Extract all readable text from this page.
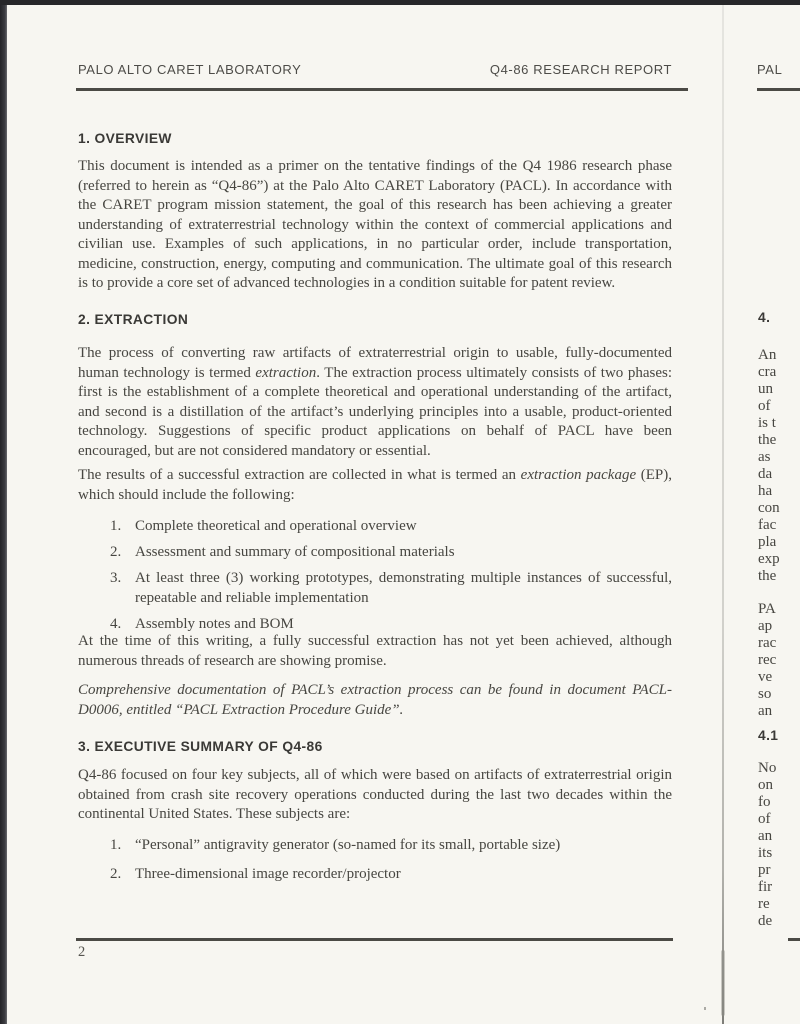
PALO ALTO CARET LABORATORY	Q4-86 RESEARCH REPORT
1. OVERVIEW
This document is intended as a primer on the tentative findings of the Q4 1986 research phase (referred to herein as “Q4-86”) at the Palo Alto CARET Laboratory (PACL). In accordance with the CARET program mission statement, the goal of this research has been achieving a greater understanding of extraterrestrial technology within the context of commercial applications and civilian use. Examples of such applications, in no particular order, include transportation, medicine, construction, energy, computing and communication. The ultimate goal of this research is to provide a core set of advanced technologies in a condition suitable for patent review.
2. EXTRACTION
The process of converting raw artifacts of extraterrestrial origin to usable, fully-documented human technology is termed extraction. The extraction process ultimately consists of two phases: first is the establishment of a complete theoretical and operational understanding of the artifact, and second is a distillation of the artifact’s underlying principles into a usable, product-oriented technology. Suggestions of specific product applications on behalf of PACL have been encouraged, but are not considered mandatory or essential.
The results of a successful extraction are collected in what is termed an extraction package (EP), which should include the following:
1. Complete theoretical and operational overview
2. Assessment and summary of compositional materials
3. At least three (3) working prototypes, demonstrating multiple instances of successful, repeatable and reliable implementation
4. Assembly notes and BOM
At the time of this writing, a fully successful extraction has not yet been achieved, although numerous threads of research are showing promise.
Comprehensive documentation of PACL’s extraction process can be found in document PACL-D0006, entitled “PACL Extraction Procedure Guide”.
3. EXECUTIVE SUMMARY OF Q4-86
Q4-86 focused on four key subjects, all of which were based on artifacts of extraterrestrial origin obtained from crash site recovery operations conducted during the last two decades within the continental United States. These subjects are:
1. “Personal” antigravity generator (so-named for its small, portable size)
2. Three-dimensional image recorder/projector
2
PAL
4.
An
cra
un
of
is t
the
as
da
ha
con
fac
pla
exp
the
PA
ap
rac
rec
ve
so
an
4.1
No
on
fo
of
an
its
pr
fir
re
de
